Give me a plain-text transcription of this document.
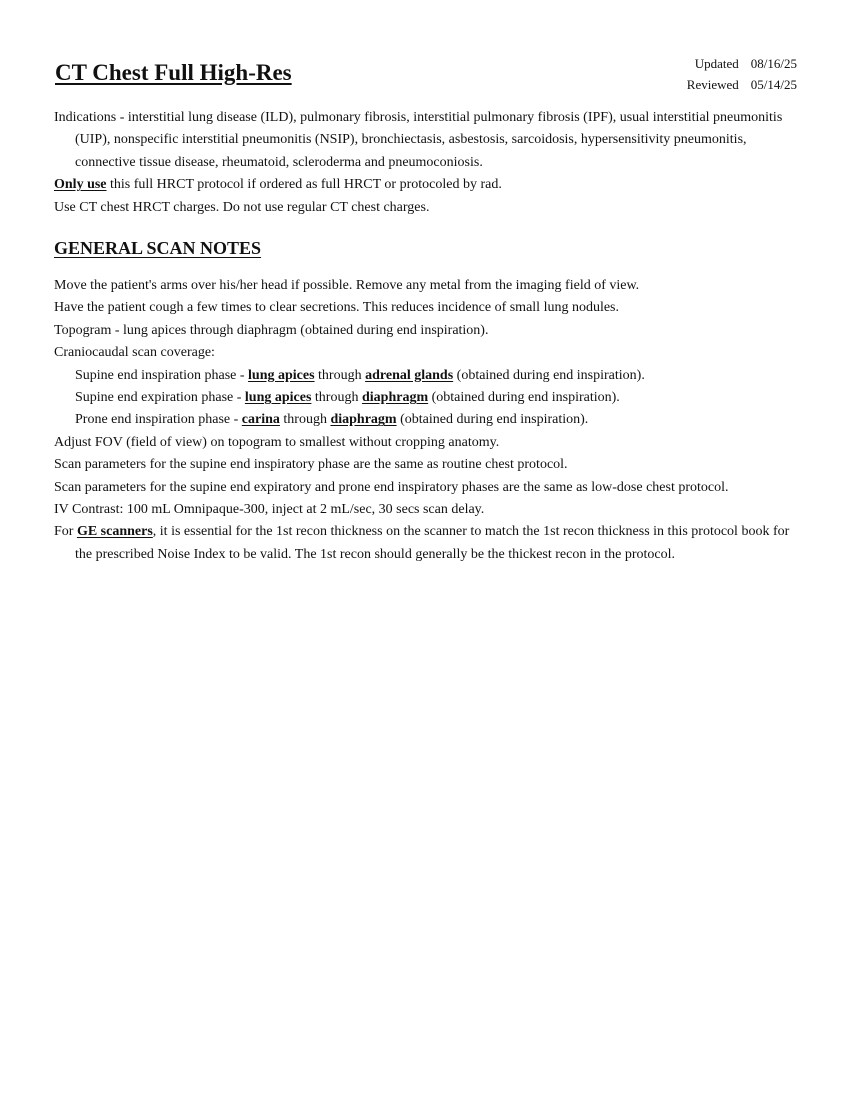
CT Chest Full High-Res	Updated 08/16/25
Reviewed 05/14/25
Indications - interstitial lung disease (ILD), pulmonary fibrosis, interstitial pulmonary fibrosis (IPF), usual interstitial pneumonitis (UIP), nonspecific interstitial pneumonitis (NSIP), bronchiectasis, asbestosis, sarcoidosis, hypersensitivity pneumonitis, connective tissue disease, rheumatoid, scleroderma and pneumoconiosis.
Only use this full HRCT protocol if ordered as full HRCT or protocoled by rad.
Use CT chest HRCT charges. Do not use regular CT chest charges.
GENERAL SCAN NOTES
Move the patient's arms over his/her head if possible. Remove any metal from the imaging field of view.
Have the patient cough a few times to clear secretions. This reduces incidence of small lung nodules.
Topogram - lung apices through diaphragm (obtained during end inspiration).
Craniocaudal scan coverage:
Supine end inspiration phase - lung apices through adrenal glands (obtained during end inspiration).
Supine end expiration phase - lung apices through diaphragm (obtained during end inspiration).
Prone end inspiration phase - carina through diaphragm (obtained during end inspiration).
Adjust FOV (field of view) on topogram to smallest without cropping anatomy.
Scan parameters for the supine end inspiratory phase are the same as routine chest protocol.
Scan parameters for the supine end expiratory and prone end inspiratory phases are the same as low-dose chest protocol.
IV Contrast: 100 mL Omnipaque-300, inject at 2 mL/sec, 30 secs scan delay.
For GE scanners, it is essential for the 1st recon thickness on the scanner to match the 1st recon thickness in this protocol book for the prescribed Noise Index to be valid. The 1st recon should generally be the thickest recon in the protocol.
